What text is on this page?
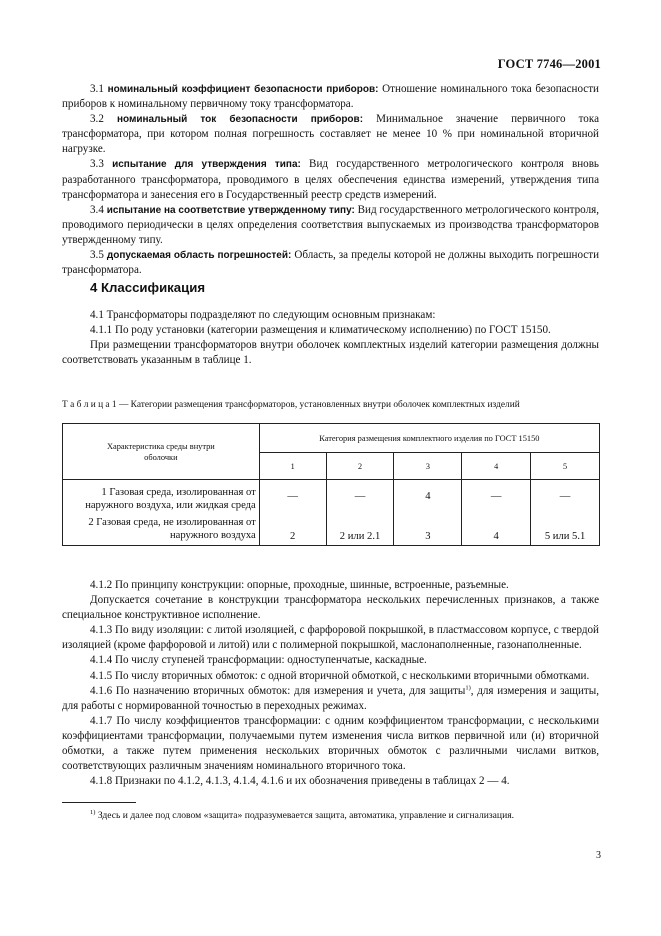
ГОСТ 7746—2001

3.1 номинальный коэффициент безопасности приборов: Отношение номинального тока безопасности приборов к номинальному первичному току трансформатора.

3.2 номинальный ток безопасности приборов: Минимальное значение первичного тока трансформатора, при котором полная погрешность составляет не менее 10 % при номинальной вторичной нагрузке.

3.3 испытание для утверждения типа: Вид государственного метрологического контроля вновь разработанного трансформатора, проводимого в целях обеспечения единства измерений, утверждения типа трансформатора и занесения его в Государственный реестр средств измерений.

3.4 испытание на соответствие утвержденному типу: Вид государственного метрологического контроля, проводимого периодически в целях определения соответствия выпускаемых из производства трансформаторов утвержденному типу.

3.5 допускаемая область погрешностей: Область, за пределы которой не должны выходить погрешности трансформатора.

4 Классификация

4.1 Трансформаторы подразделяют по следующим основным признакам:

4.1.1 По роду установки (категории размещения и климатическому исполнению) по ГОСТ 15150.

При размещении трансформаторов внутри оболочек комплектных изделий категории размещения должны соответствовать указанным в таблице 1.

Т а б л и ц а 1 — Категории размещения трансформаторов, установленных внутри оболочек комплектных изделий
Характеристика среды внутри оболочки	Категория размещения комплектного изделия по ГОСТ 15150				
	1	2	3	4	5
1 Газовая среда, изолированная от наружного воздуха, или жидкая среда	—	—	4	—	—
2 Газовая среда, не изолированная от наружного воздуха	2	2 или 2.1	3	4	5 или 5.1

4.1.2 По принципу конструкции: опорные, проходные, шинные, встроенные, разъемные.

Допускается сочетание в конструкции трансформатора нескольких перечисленных признаков, а также специальное конструктивное исполнение.

4.1.3 По виду изоляции: с литой изоляцией, с фарфоровой покрышкой, в пластмассовом корпусе, с твердой изоляцией (кроме фарфоровой и литой) или с полимерной покрышкой, маслонаполненные, газонаполненные.

4.1.4 По числу ступеней трансформации: одноступенчатые, каскадные.

4.1.5 По числу вторичных обмоток: с одной вторичной обмоткой, с несколькими вторичными обмотками.

4.1.6 По назначению вторичных обмоток: для измерения и учета, для защиты$^{1)}$, для измерения и защиты, для работы с нормированной точностью в переходных режимах.

4.1.7 По числу коэффициентов трансформации: с одним коэффициентом трансформации, с несколькими коэффициентами трансформации, получаемыми путем изменения числа витков первичной или (и) вторичной обмотки, а также путем применения нескольких вторичных обмоток с различными числами витков, соответствующих различным значениям номинального вторичного тока.

4.1.8 Признаки по 4.1.2, 4.1.3, 4.1.4, 4.1.6 и их обозначения приведены в таблицах 2 — 4.

$^{1)}$ Здесь и далее под словом «защита» подразумевается защита, автоматика, управление и сигнализация.
3
